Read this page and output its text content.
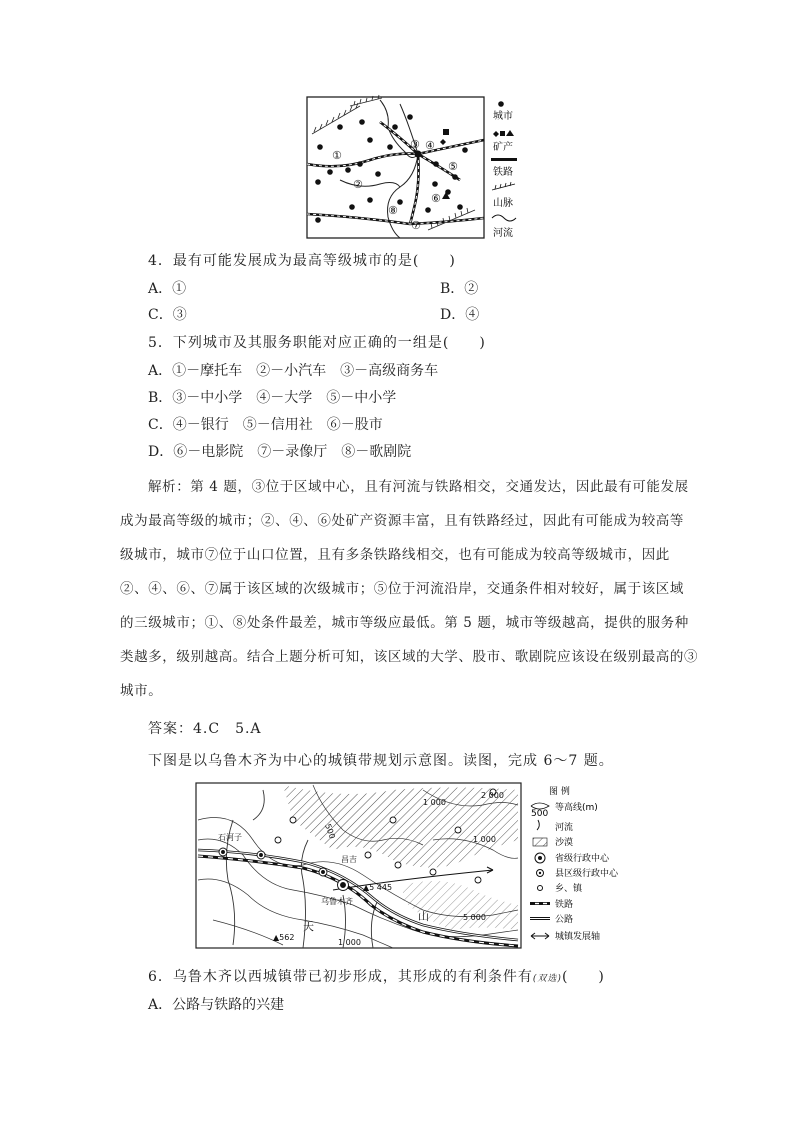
①
②
③ ④
⑤
⑥
⑦
⑧
城市
矿产
铁路
山脉
河流
4．最有可能发展成为最高等级城市的是(　　)
A．①	B．②
C．③	D．④
5．下列城市及其服务职能对应正确的一组是(　　)
A．①－摩托车　②－小汽车　③－高级商务车
B．③－中小学　④－大学　⑤－中小学
C．④－银行　⑤－信用社　⑥－股市
D．⑥－电影院　⑦－录像厅　⑧－歌剧院
解析：第 4 题，③位于区域中心，且有河流与铁路相交，交通发达，因此最有可能发展
成为最高等级的城市；②、④、⑥处矿产资源丰富，且有铁路经过，因此有可能成为较高等
级城市，城市⑦位于山口位置，且有多条铁路线相交，也有可能成为较高等级城市，因此
②、④、⑥、⑦属于该区域的次级城市；⑤位于河流沿岸，交通条件相对较好，属于该区域
的三级城市；①、⑧处条件最差，城市等级应最低。第 5 题，城市等级越高，提供的服务种
类越多，级别越高。结合上题分析可知，该区域的大学、股市、歌剧院应该设在级别最高的③
城市。
答案：4.C　5.A
下图是以乌鲁木齐为中心的城镇带规划示意图。读图，完成 6～7 题。
2 000
1 000
1 000
500
1 000
5 000
▲5 445
▲562
乌鲁木齐
昌吉
石河子
天
山
图 例
500
等高线(m)
河流
沙漠
省级行政中心
县区级行政中心
乡、镇
铁路
公路
城镇发展轴
6．乌鲁木齐以西城镇带已初步形成，其形成的有利条件有(双选)(　　)
A．公路与铁路的兴建
